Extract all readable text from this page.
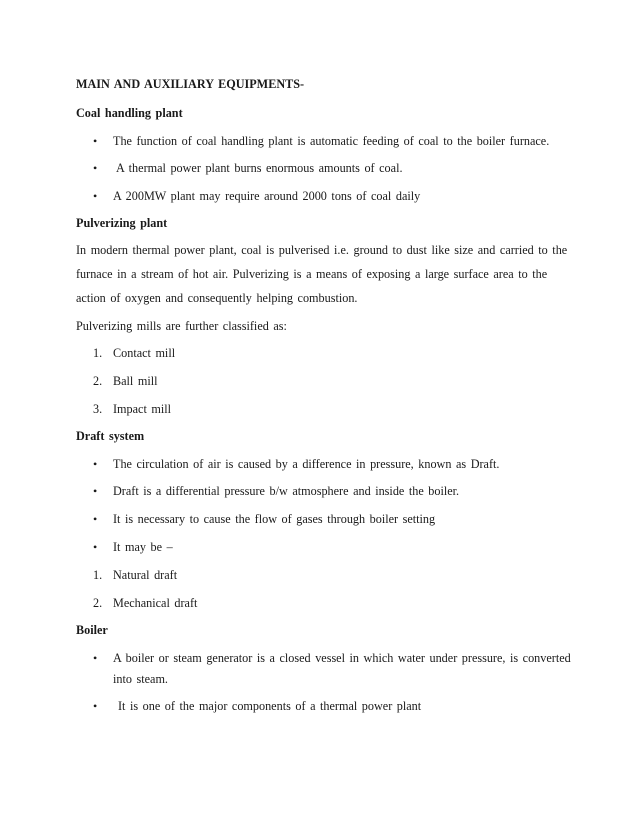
MAIN AND AUXILIARY EQUIPMENTS-
Coal handling plant
• The function of coal handling plant is automatic feeding of coal to the boiler furnace.
• A thermal power plant burns enormous amounts of coal.
• A 200MW plant may require around 2000 tons of coal daily
Pulverizing plant
In modern thermal power plant, coal is pulverised i.e. ground to dust like size and carried to the
furnace in a stream of hot air. Pulverizing is a means of exposing a large surface area to the
action of oxygen and consequently helping combustion.
Pulverizing mills are further classified as:
1. Contact mill
2. Ball mill
3. Impact mill
Draft system
• The circulation of air is caused by a difference in pressure, known as Draft.
• Draft is a differential pressure b/w atmosphere and inside the boiler.
• It is necessary to cause the flow of gases through boiler setting
• It may be –
1. Natural draft
2. Mechanical draft
Boiler
• A boiler or steam generator is a closed vessel in which water under pressure, is converted
into steam.
• It is one of the major components of a thermal power plant
